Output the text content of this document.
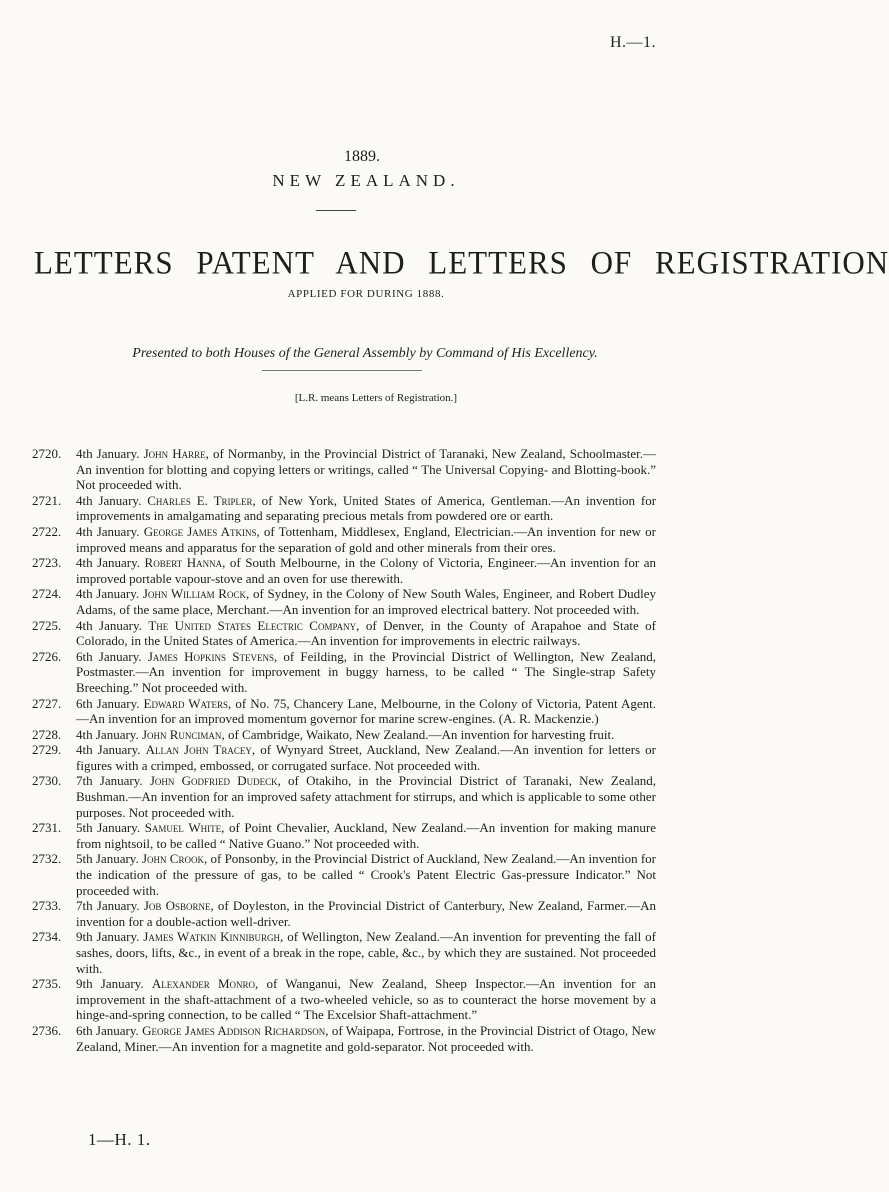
H.—1.
1889.
NEW ZEALAND.
LETTERS PATENT AND LETTERS OF REGISTRATION
APPLIED FOR DURING 1888.
Presented to both Houses of the General Assembly by Command of His Excellency.
[L.R. means Letters of Registration.]
2720.	4th January. John Harre, of Normanby, in the Provincial District of Taranaki, New Zealand, Schoolmaster.—An invention for blotting and copying letters or writings, called “ The Universal Copying- and Blotting-book.” Not proceeded with.
2721.	4th January. Charles E. Tripler, of New York, United States of America, Gentleman.—An invention for improvements in amalgamating and separating precious metals from powdered ore or earth.
2722.	4th January. George James Atkins, of Tottenham, Middlesex, England, Electrician.—An invention for new or improved means and apparatus for the separation of gold and other minerals from their ores.
2723.	4th January. Robert Hanna, of South Melbourne, in the Colony of Victoria, Engineer.—An invention for an improved portable vapour-stove and an oven for use therewith.
2724.	4th January. John William Rock, of Sydney, in the Colony of New South Wales, Engineer, and Robert Dudley Adams, of the same place, Merchant.—An invention for an improved electrical battery. Not proceeded with.
2725.	4th January. The United States Electric Company, of Denver, in the County of Arapahoe and State of Colorado, in the United States of America.—An invention for improvements in electric railways.
2726.	6th January. James Hopkins Stevens, of Feilding, in the Provincial District of Wellington, New Zealand, Postmaster.—An invention for improvement in buggy harness, to be called “ The Single-strap Safety Breeching.” Not proceeded with.
2727.	6th January. Edward Waters, of No. 75, Chancery Lane, Melbourne, in the Colony of Victoria, Patent Agent.—An invention for an improved momentum governor for marine screw-engines. (A. R. Mackenzie.)
2728.	4th January. John Runciman, of Cambridge, Waikato, New Zealand.—An invention for harvesting fruit.
2729.	4th January. Allan John Tracey, of Wynyard Street, Auckland, New Zealand.—An invention for letters or figures with a crimped, embossed, or corrugated surface. Not proceeded with.
2730.	7th January. John Godfried Dudeck, of Otakiho, in the Provincial District of Taranaki, New Zealand, Bushman.—An invention for an improved safety attachment for stirrups, and which is applicable to some other purposes. Not proceeded with.
2731.	5th January. Samuel White, of Point Chevalier, Auckland, New Zealand.—An invention for making manure from nightsoil, to be called “ Native Guano.” Not proceeded with.
2732.	5th January. John Crook, of Ponsonby, in the Provincial District of Auckland, New Zealand.—An invention for the indication of the pressure of gas, to be called “ Crook's Patent Electric Gas-pressure Indicator.” Not proceeded with.
2733.	7th January. Job Osborne, of Doyleston, in the Provincial District of Canterbury, New Zealand, Farmer.—An invention for a double-action well-driver.
2734.	9th January. James Watkin Kinniburgh, of Wellington, New Zealand.—An invention for preventing the fall of sashes, doors, lifts, &c., in event of a break in the rope, cable, &c., by which they are sustained. Not proceeded with.
2735.	9th January. Alexander Monro, of Wanganui, New Zealand, Sheep Inspector.—An invention for an improvement in the shaft-attachment of a two-wheeled vehicle, so as to counteract the horse movement by a hinge-and-spring connection, to be called “ The Excelsior Shaft-attachment.”
2736.	6th January. George James Addison Richardson, of Waipapa, Fortrose, in the Provincial District of Otago, New Zealand, Miner.—An invention for a magnetite and gold-separator. Not proceeded with.
1—H. 1.
